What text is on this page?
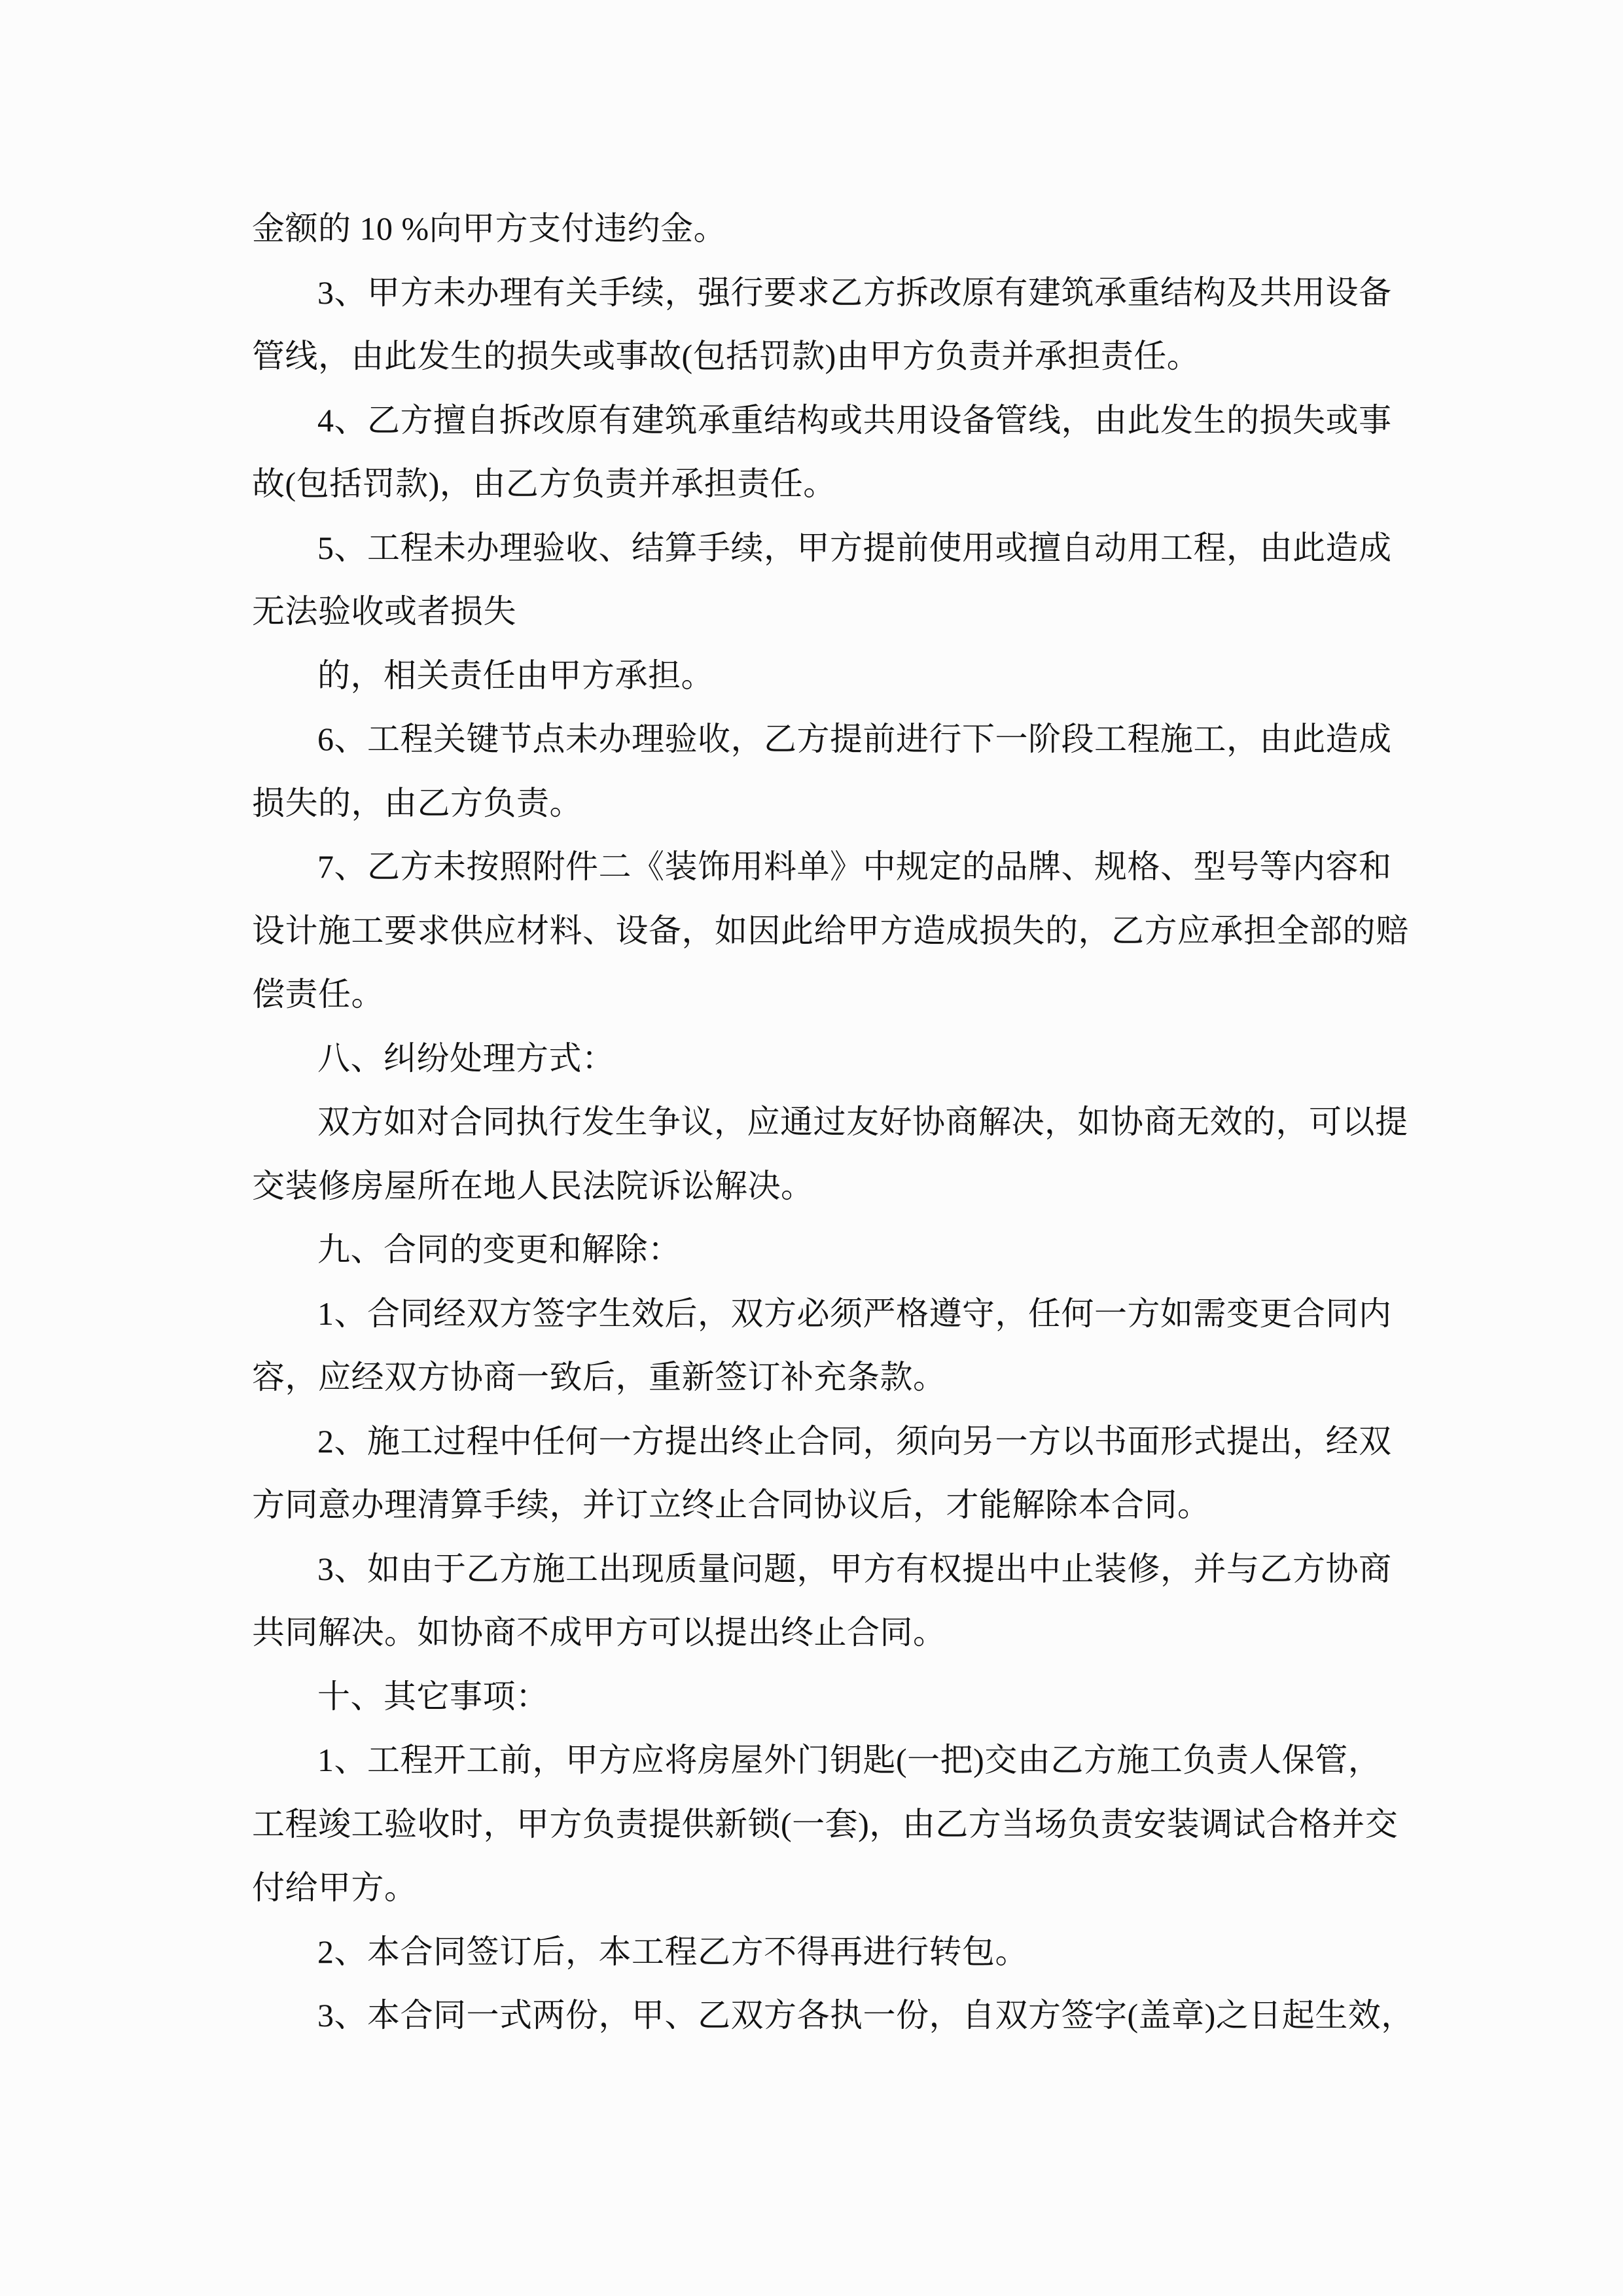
金额的 10 %向甲方支付违约金。
3、甲方未办理有关手续，强行要求乙方拆改原有建筑承重结构及共用设备
管线，由此发生的损失或事故(包括罚款)由甲方负责并承担责任。
4、乙方擅自拆改原有建筑承重结构或共用设备管线，由此发生的损失或事
故(包括罚款)，由乙方负责并承担责任。
5、工程未办理验收、结算手续，甲方提前使用或擅自动用工程，由此造成
无法验收或者损失
的，相关责任由甲方承担。
6、工程关键节点未办理验收，乙方提前进行下一阶段工程施工，由此造成
损失的，由乙方负责。
7、乙方未按照附件二《装饰用料单》中规定的品牌、规格、型号等内容和
设计施工要求供应材料、设备，如因此给甲方造成损失的，乙方应承担全部的赔
偿责任。
八、纠纷处理方式：
双方如对合同执行发生争议，应通过友好协商解决，如协商无效的，可以提
交装修房屋所在地人民法院诉讼解决。
九、合同的变更和解除：
1、合同经双方签字生效后，双方必须严格遵守，任何一方如需变更合同内
容，应经双方协商一致后，重新签订补充条款。
2、施工过程中任何一方提出终止合同，须向另一方以书面形式提出，经双
方同意办理清算手续，并订立终止合同协议后，才能解除本合同。
3、如由于乙方施工出现质量问题，甲方有权提出中止装修，并与乙方协商
共同解决。如协商不成甲方可以提出终止合同。
十、其它事项：
1、工程开工前，甲方应将房屋外门钥匙(一把)交由乙方施工负责人保管，
工程竣工验收时，甲方负责提供新锁(一套)，由乙方当场负责安装调试合格并交
付给甲方。
2、本合同签订后，本工程乙方不得再进行转包。
3、本合同一式两份，甲、乙双方各执一份，自双方签字(盖章)之日起生效，
